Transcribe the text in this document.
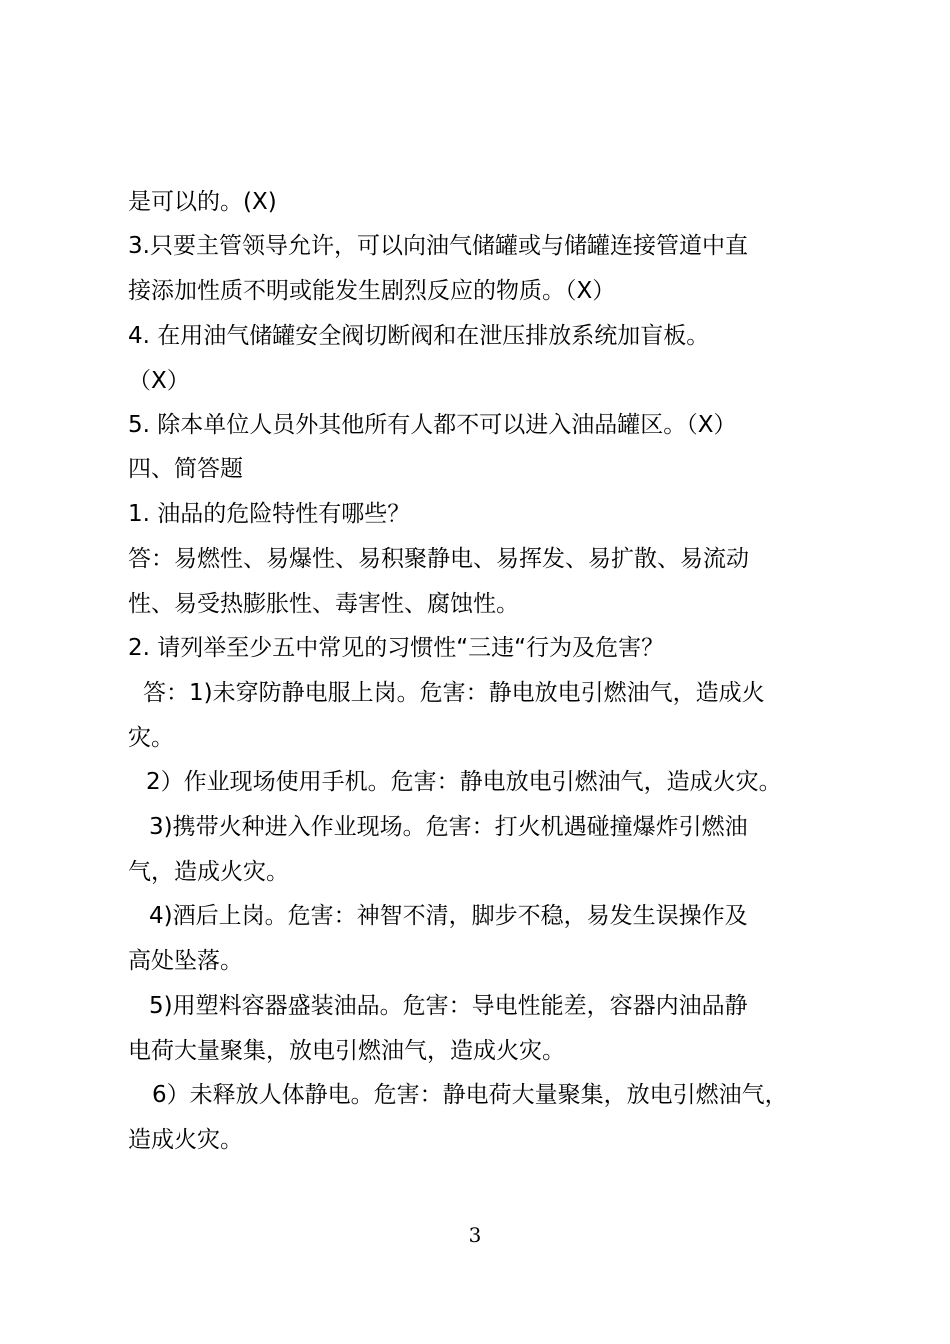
是可以的。(X)
3.只要主管领导允许，可以向油气储罐或与储罐连接管道中直
接添加性质不明或能发生剧烈反应的物质。（X）
4. 在用油气储罐安全阀切断阀和在泄压排放系统加盲板。
（X）
5. 除本单位人员外其他所有人都不可以进入油品罐区。（X）
四、简答题
1. 油品的危险特性有哪些？
答：易燃性、易爆性、易积聚静电、易挥发、易扩散、易流动
性、易受热膨胀性、毒害性、腐蚀性。
2. 请列举至少五中常见的习惯性“三违“行为及危害？
答：1)未穿防静电服上岗。危害：静电放电引燃油气，造成火
灾。
2）作业现场使用手机。危害：静电放电引燃油气，造成火灾。
3)携带火种进入作业现场。危害：打火机遇碰撞爆炸引燃油
气，造成火灾。
4)酒后上岗。危害：神智不清，脚步不稳，易发生误操作及
高处坠落。
5)用塑料容器盛装油品。危害：导电性能差，容器内油品静
电荷大量聚集，放电引燃油气，造成火灾。
6）未释放人体静电。危害：静电荷大量聚集，放电引燃油气，
造成火灾。
3
